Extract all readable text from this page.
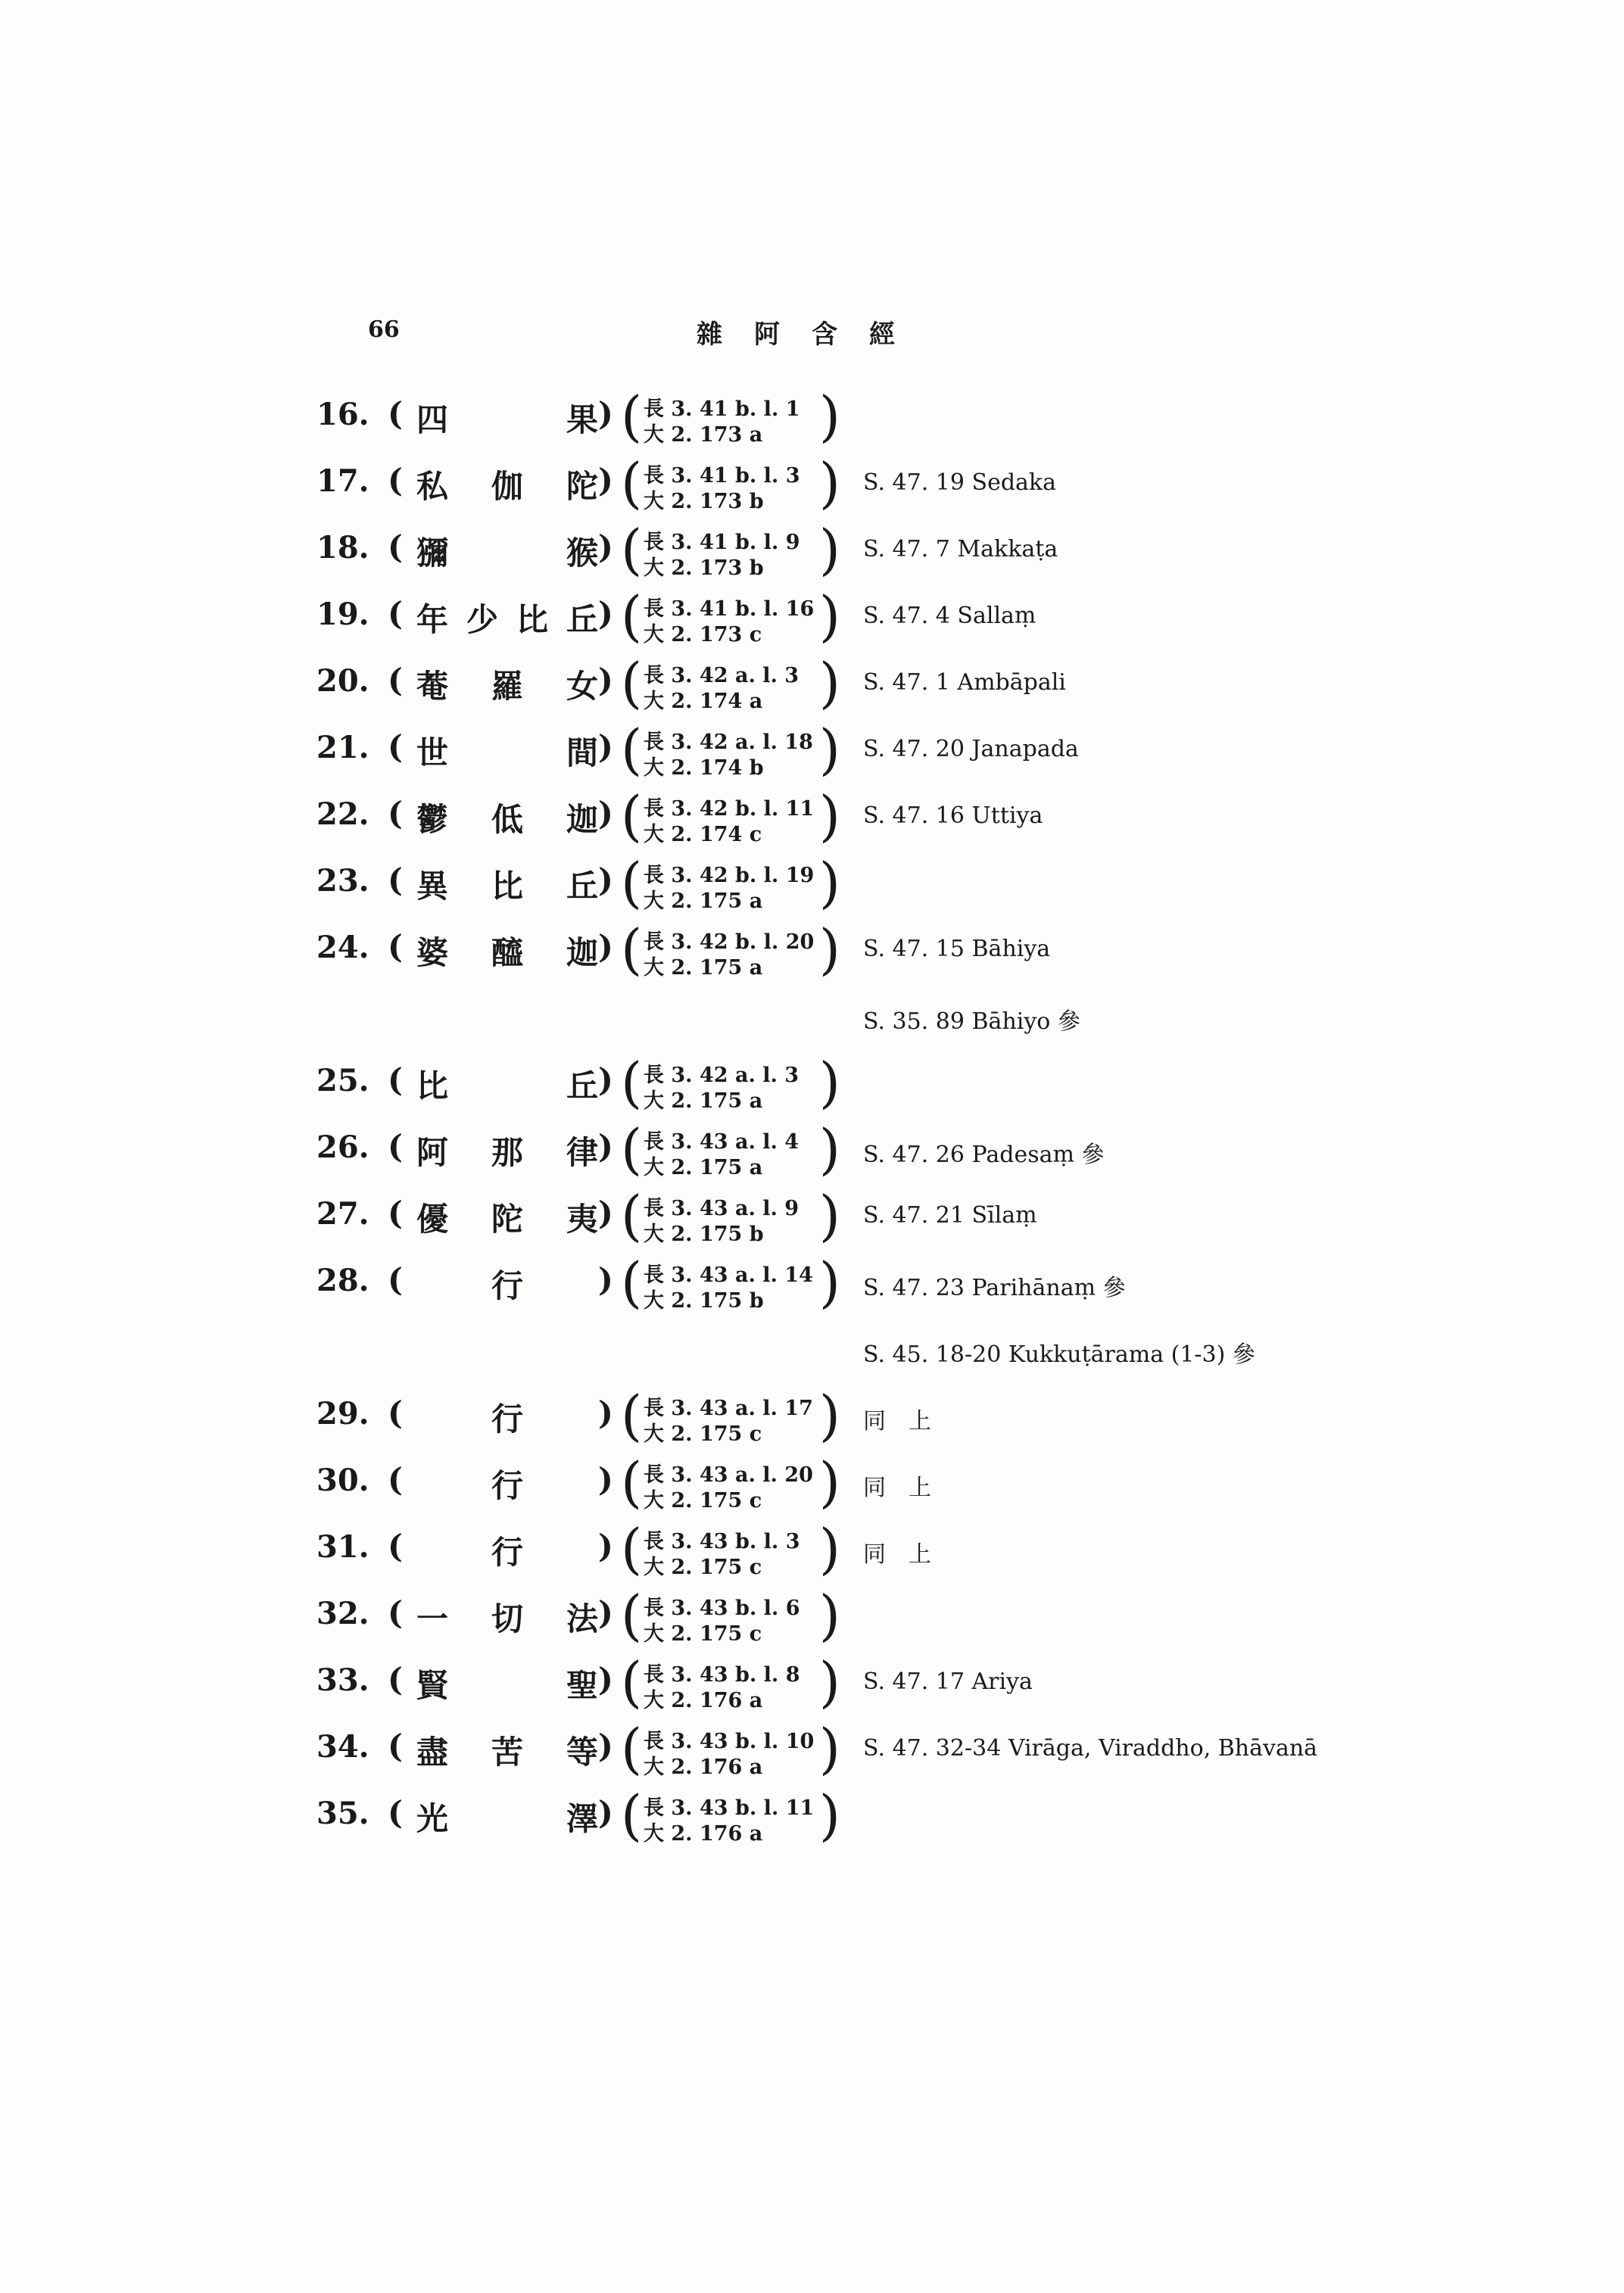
66	雜阿含經
16. ( 四	果 ) ( 長 3. 41 b. l. 1
大 2. 173 a )
17. ( 私 伽 陀 ) ( 長 3. 41 b. l. 3
大 2. 173 b ) S. 47. 19 Sedaka
18. ( 獼	猴 ) ( 長 3. 41 b. l. 9
大 2. 173 b ) S. 47. 7 Makkaṭa
19. ( 年 少 比 丘 ) ( 長 3. 41 b. l. 16
大 2. 173 c ) S. 47. 4 Sallaṃ
20. ( 菴 羅 女 ) ( 長 3. 42 a. l. 3
大 2. 174 a ) S. 47. 1 Ambāpali
21. ( 世	間 ) ( 長 3. 42 a. l. 18
大 2. 174 b ) S. 47. 20 Janapada
22. ( 鬱 低 迦 ) ( 長 3. 42 b. l. 11
大 2. 174 c ) S. 47. 16 Uttiya
23. ( 異 比 丘 ) ( 長 3. 42 b. l. 19
大 2. 175 a )
24. ( 婆 醯 迦 ) ( 長 3. 42 b. l. 20
大 2. 175 a ) S. 47. 15 Bāhiya
S. 35. 89 Bāhiyo 參
25. ( 比	丘 ) ( 長 3. 42 a. l. 3
大 2. 175 a )
26. ( 阿 那 律 ) ( 長 3. 43 a. l. 4
大 2. 175 a ) S. 47. 26 Padesaṃ 參
27. ( 優 陀 夷 ) ( 長 3. 43 a. l. 9
大 2. 175 b ) S. 47. 21 Sīlaṃ
28. (	行 ) ( 長 3. 43 a. l. 14
大 2. 175 b ) S. 47. 23 Parihānaṃ 參
S. 45. 18-20 Kukkuṭārama (1-3) 參
29. (	行 ) ( 長 3. 43 a. l. 17
大 2. 175 c ) 同　上
30. (	行 ) ( 長 3. 43 a. l. 20
大 2. 175 c ) 同　上
31. (	行 ) ( 長 3. 43 b. l. 3
大 2. 175 c ) 同　上
32. ( 一 切 法 ) ( 長 3. 43 b. l. 6
大 2. 175 c )
33. ( 賢	聖 ) ( 長 3. 43 b. l. 8
大 2. 176 a ) S. 47. 17 Ariya
34. ( 盡 苦 等 ) ( 長 3. 43 b. l. 10
大 2. 176 a ) S. 47. 32-34 Virāga, Viraddho, Bhāvanā
35. ( 光	澤 ) ( 長 3. 43 b. l. 11
大 2. 176 a )
